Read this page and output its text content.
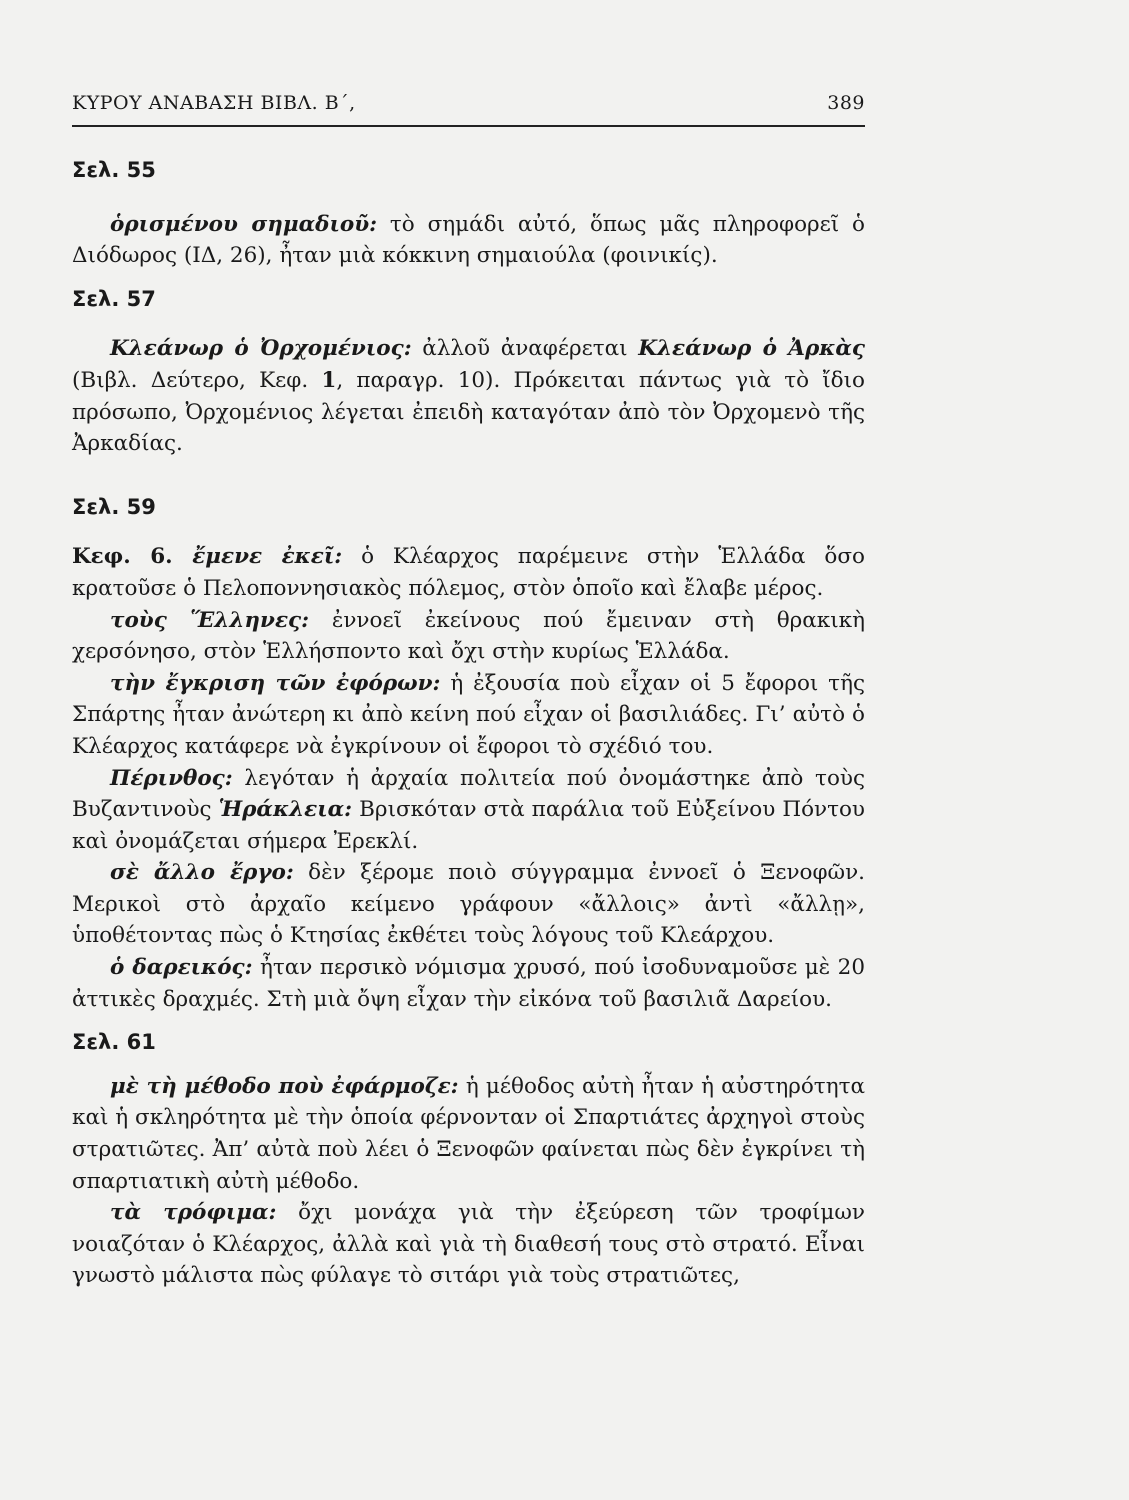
ΚΥΡΟΥ ΑΝΑΒΑΣΗ ΒΙΒΛ. Β΄,	389
Σελ. 55

ὁρισμένου σημαδιοῦ: τὸ σημάδι αὐτό, ὅπως μᾶς πληροφορεῖ ὁ Διόδωρος (ΙΔ, 26), ἦταν μιὰ κόκκινη σημαιούλα (φοινικίς).

Σελ. 57

Κλεάνωρ ὁ Ὀρχομένιος: ἀλλοῦ ἀναφέρεται Κλεάνωρ ὁ Ἀρκὰς (Βιβλ. Δεύτερο, Κεφ. 1, παραγρ. 10). Πρόκειται πάντως γιὰ τὸ ἴδιο πρόσωπο, Ὀρχομένιος λέγεται ἐπειδὴ καταγόταν ἀπὸ τὸν Ὀρχομενὸ τῆς Ἀρκαδίας.

Σελ. 59

Κεφ. 6. ἔμενε ἐκεῖ: ὁ Κλέαρχος παρέμεινε στὴν Ἑλλάδα ὅσο κρατοῦσε ὁ Πελοποννησιακὸς πόλεμος, στὸν ὁποῖο καὶ ἔλαβε μέρος.

τοὺς Ἕλληνες: ἐννοεῖ ἐκείνους πού ἔμειναν στὴ θρακικὴ χερσόνησο, στὸν Ἑλλήσποντο καὶ ὄχι στὴν κυρίως Ἑλλάδα.

τὴν ἔγκριση τῶν ἐφόρων: ἡ ἐξουσία ποὺ εἶχαν οἱ 5 ἔφοροι τῆς Σπάρτης ἦταν ἀνώτερη κι ἀπὸ κείνη πού εἶχαν οἱ βασιλιάδες. Γι’ αὐτὸ ὁ Κλέαρχος κατάφερε νὰ ἐγκρίνουν οἱ ἔφοροι τὸ σχέδιό του.

Πέρινθος: λεγόταν ἡ ἀρχαία πολιτεία πού ὀνομάστηκε ἀπὸ τοὺς Βυζαντινοὺς Ἡράκλεια: Βρισκόταν στὰ παράλια τοῦ Εὐξείνου Πόντου καὶ ὀνομάζεται σήμερα Ἐρεκλί.

σὲ ἄλλο ἔργο: δὲν ξέρομε ποιὸ σύγγραμμα ἐννοεῖ ὁ Ξενοφῶν. Μερικοὶ στὸ ἀρχαῖο κείμενο γράφουν «ἄλλοις» ἀντὶ «ἄλλῃ», ὑποθέτοντας πὼς ὁ Κτησίας ἐκθέτει τοὺς λόγους τοῦ Κλεάρχου.

ὁ δαρεικός: ἦταν περσικὸ νόμισμα χρυσό, πού ἰσοδυναμοῦσε μὲ 20 ἀττικὲς δραχμές. Στὴ μιὰ ὄψη εἶχαν τὴν εἰκόνα τοῦ βασιλιᾶ Δαρείου.

Σελ. 61

μὲ τὴ μέθοδο ποὺ ἐφάρμοζε: ἡ μέθοδος αὐτὴ ἦταν ἡ αὐστηρότητα καὶ ἡ σκληρότητα μὲ τὴν ὁποία φέρνονταν οἱ Σπαρτιάτες ἀρχηγοὶ στοὺς στρατιῶτες. Ἀπ’ αὐτὰ ποὺ λέει ὁ Ξενοφῶν φαίνεται πὼς δὲν ἐγκρίνει τὴ σπαρτιατικὴ αὐτὴ μέθοδο.

τὰ τρόφιμα: ὄχι μονάχα γιὰ τὴν ἐξεύρεση τῶν τροφίμων νοιαζόταν ὁ Κλέαρχος, ἀλλὰ καὶ γιὰ τὴ διαθεσή τους στὸ στρατό. Εἶναι γνωστὸ μάλιστα πὼς φύλαγε τὸ σιτάρι γιὰ τοὺς στρατιῶτες,
